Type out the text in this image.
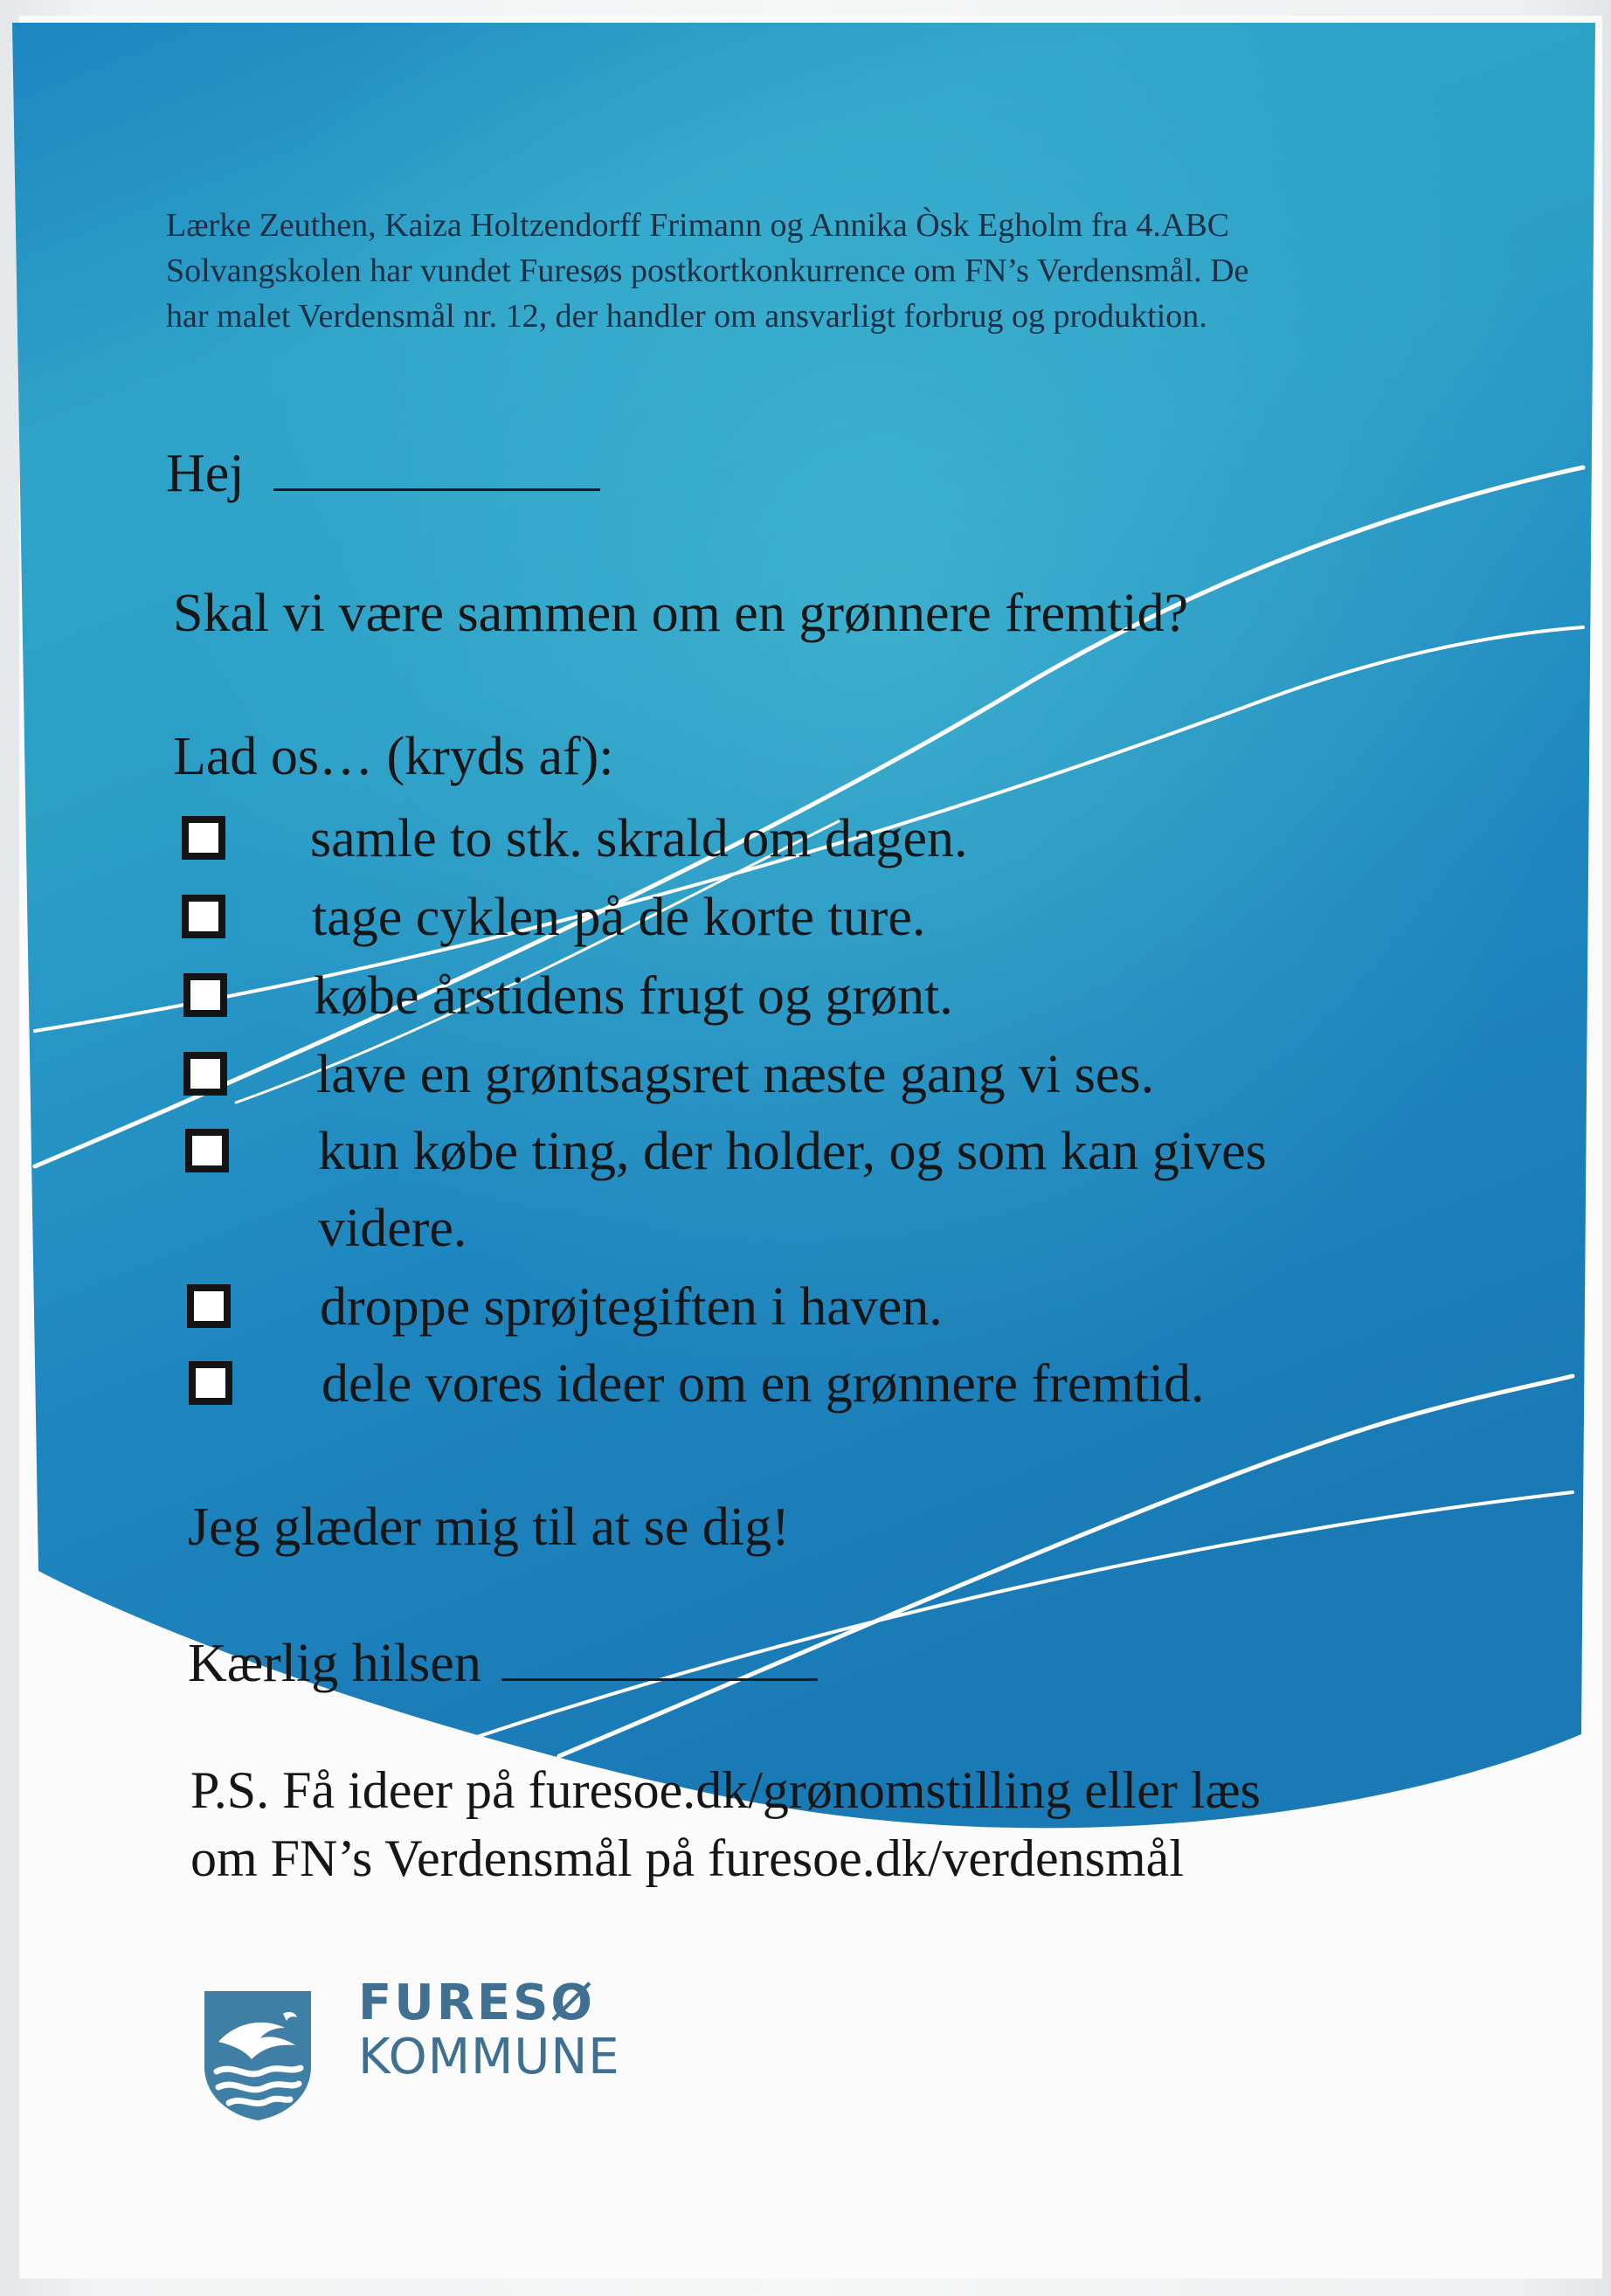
Lærke Zeuthen, Kaiza Holtzendorff Frimann og Annika Òsk Egholm fra 4.ABC
Solvangskolen har vundet Furesøs postkortkonkurrence om FN’s Verdensmål. De
har malet Verdensmål nr. 12, der handler om ansvarligt forbrug og produktion.
Hej
Skal vi være sammen om en grønnere fremtid?
Lad os… (kryds af):
samle to stk. skrald om dagen.
tage cyklen på de korte ture.
købe årstidens frugt og grønt.
lave en grøntsagsret næste gang vi ses.
kun købe ting, der holder, og som kan gives
videre.
droppe sprøjtegiften i haven.
dele vores ideer om en grønnere fremtid.
Jeg glæder mig til at se dig!
Kærlig hilsen
P.S. Få ideer på furesoe.dk/grønomstilling eller læs
om FN’s Verdensmål på furesoe.dk/verdensmål
FURESØ
KOMMUNE
